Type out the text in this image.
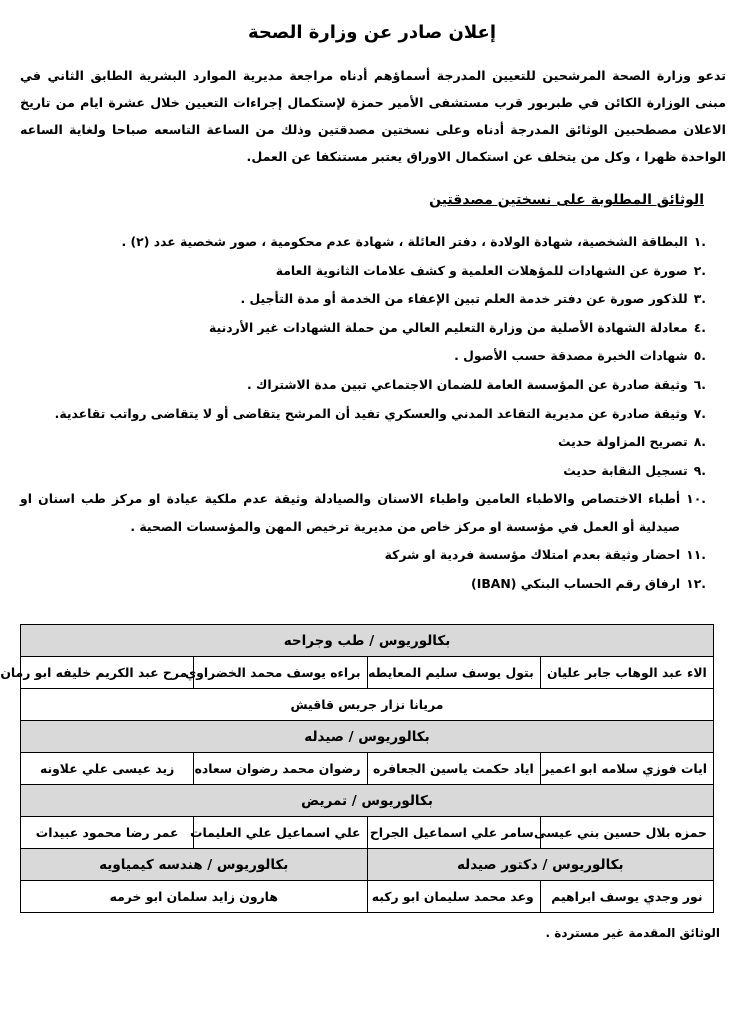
إعلان صادر عن وزارة الصحة
تدعو وزارة الصحة المرشحين للتعيين المدرجة أسماؤهم أدناه مراجعة مديرية الموارد البشرية الطابق الثاني في مبنى الوزارة الكائن في طبربور قرب مستشفى الأمير حمزة لإستكمال إجراءات التعيين خلال عشرة ايام من تاريخ الاعلان مصطحبين الوثائق المدرجة أدناه وعلى نسختين مصدقتين وذلك من الساعة التاسعه صباحا ولغاية الساعه الواحدة ظهرا ، وكل من يتخلف عن استكمال الاوراق يعتبر مستنكفا عن العمل.
الوثائق المطلوبة على نسختين مصدقتين
.١
البطاقة الشخصية، شهادة الولادة ، دفتر العائلة ، شهادة عدم محكومية ، صور شخصية عدد (٢) .
.٢
صورة عن الشهادات للمؤهلات العلمية و كشف علامات الثانوية العامة
.٣
للذكور صورة عن دفتر خدمة العلم تبين الإعفاء من الخدمة أو مدة التأجيل .
.٤
معادلة الشهادة الأصلية من وزارة التعليم العالي من حملة الشهادات غير الأردنية
.٥
شهادات الخبرة مصدقة حسب الأصول .
.٦
وثيقة صادرة عن المؤسسة العامة للضمان الاجتماعي تبين مدة الاشتراك .
.٧
وثيقة صادرة عن مديرية التقاعد المدني والعسكري تفيد أن المرشح يتقاضى أو لا يتقاضى رواتب تقاعدية.
.٨
تصريح المزاولة حديث
.٩
تسجيل النقابة حديث
.١٠
أطباء الاختصاص والاطباء العامين واطباء الاسنان والصيادلة وثيقة عدم ملكية عيادة او مركز طب اسنان او صيدلية أو العمل في مؤسسة او مركز خاص من مديرية ترخيص المهن والمؤسسات الصحية .
.١١
احضار وثيقة بعدم امتلاك مؤسسة فردية او شركة
.١٢
ارفاق رقم الحساب البنكي (IBAN)
بكالوريوس / طب وجراحه			
الاء عبد الوهاب جابر عليان	بتول يوسف سليم المعايطه	براءه يوسف محمد الخضراوي	مرح عبد الكريم خليفه ابو رمان
مريانا نزار جريس قاقيش			
بكالوريوس / صيدله			
ايات فوزي سلامه ابو اعمير	اياد حكمت ياسين الجعافره	رضوان محمد رضوان سعاده	زيد عيسى علي علاونه
بكالوريوس / تمريض			
حمزه بلال حسين بني عيسى	سامر علي اسماعيل الجراح	علي اسماعيل علي العليمات	عمر رضا محمود عبيدات
بكالوريوس / دكتور صيدله		بكالوريوس / هندسه كيمياويه	
نور وجدي يوسف ابراهيم	وعد محمد سليمان ابو ركبه	هارون زايد سلمان ابو خرمه	
الوثائق المقدمة غير مستردة .
